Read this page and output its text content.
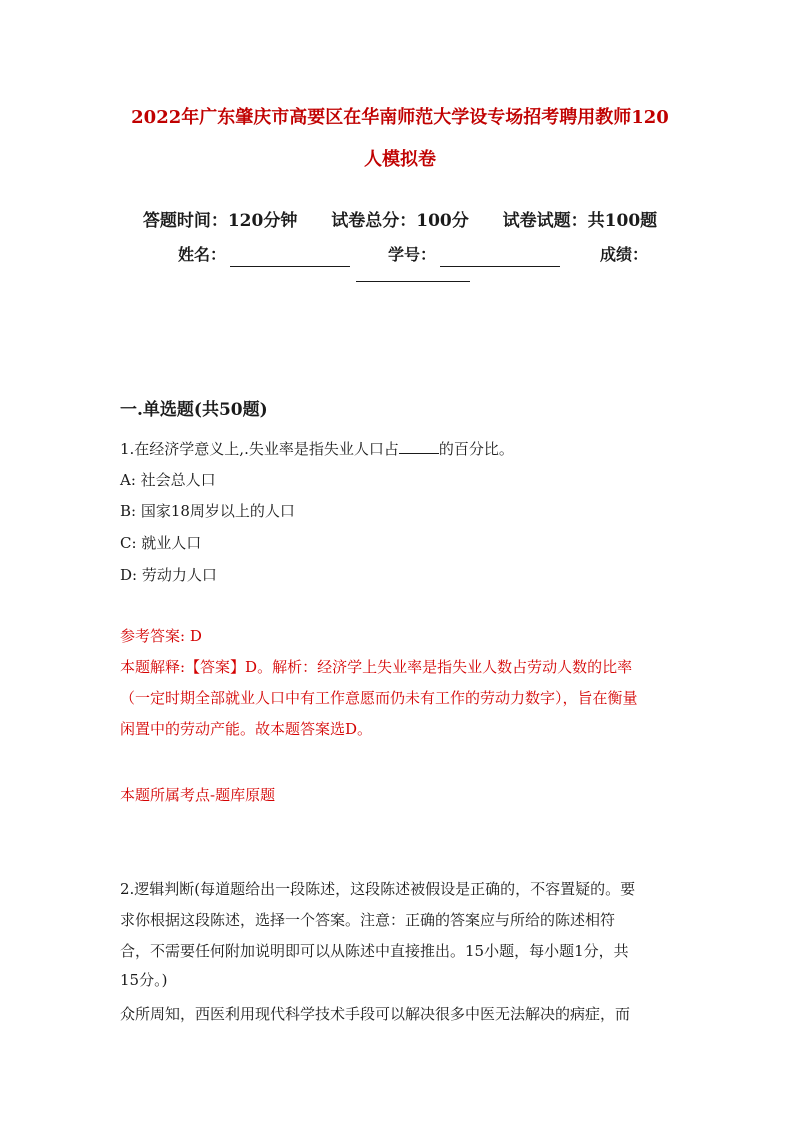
2022年广东肇庆市高要区在华南师范大学设专场招考聘用教师120
人模拟卷
答题时间：120分钟 试卷总分：100分 试卷试题：共100题
姓名：	学号：	成绩：
一.单选题(共50题)
1.在经济学意义上,.失业率是指失业人口占	的百分比。
A: 社会总人口
B: 国家18周岁以上的人口
C: 就业人口
D: 劳动力人口
参考答案: D
本题解释:【答案】D。解析：经济学上失业率是指失业人数占劳动人数的比率
（一定时期全部就业人口中有工作意愿而仍未有工作的劳动力数字），旨在衡量
闲置中的劳动产能。故本题答案选D。
本题所属考点-题库原题
2.逻辑判断(每道题给出一段陈述，这段陈述被假设是正确的，不容置疑的。要
求你根据这段陈述，选择一个答案。注意：正确的答案应与所给的陈述相符
合，不需要任何附加说明即可以从陈述中直接推出。15小题，每小题1分，共
15分。)
众所周知，西医利用现代科学技术手段可以解决很多中医无法解决的病症，而
